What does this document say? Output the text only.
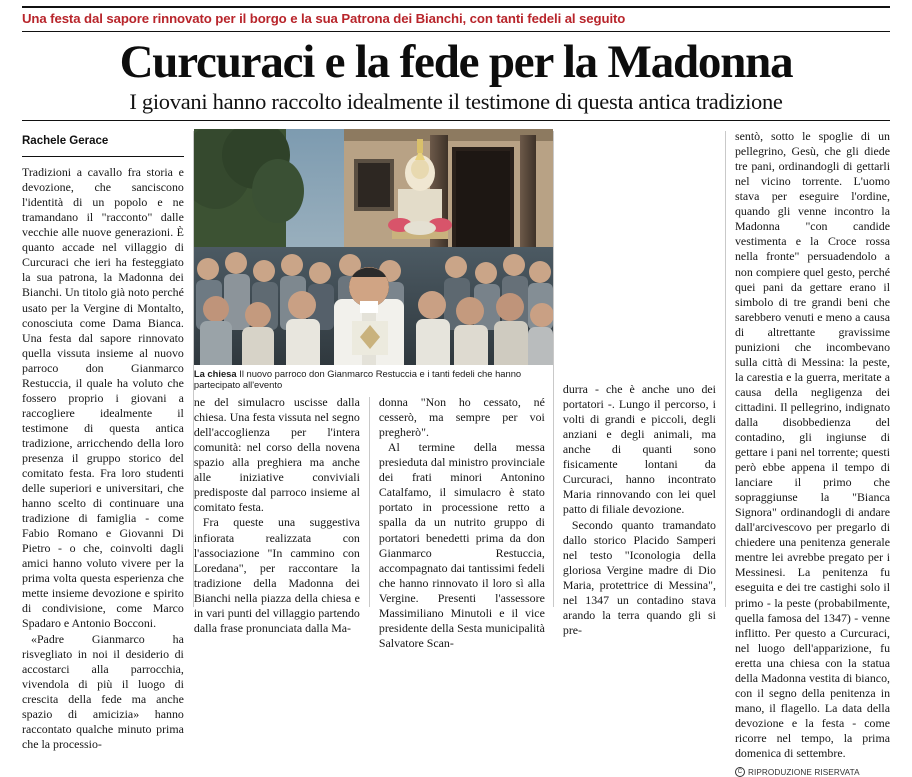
Una festa dal sapore rinnovato per il borgo e la sua Patrona dei Bianchi, con tanti fedeli al seguito
Curcuraci e la fede per la Madonna
I giovani hanno raccolto idealmente il testimone di questa antica tradizione
Rachele Gerace

Tradizioni a cavallo fra storia e devozione, che sanciscono l'identità di un popolo e ne tramandano il "racconto" dalle vecchie alle nuove generazioni. È quanto accade nel villaggio di Curcuraci che ieri ha festeggiato la sua patrona, la Madonna dei Bianchi. Un titolo già noto perché usato per la Vergine di Montalto, conosciuta come Dama Bianca. Una festa dal sapore rinnovato quella vissuta insieme al nuovo parroco don Gianmarco Restuccia, il quale ha voluto che fossero proprio i giovani a raccogliere idealmente il testimone di questa antica tradizione, arricchendo della loro presenza il gruppo storico del comitato festa. Fra loro studenti delle superiori e universitari, che hanno scelto di continuare una tradizione di famiglia - come Fabio Romano e Giovanni Di Pietro - o che, coinvolti dagli amici hanno voluto vivere per la prima volta questa esperienza che mette insieme devozione e spirito di condivisione, come Marco Spadaro e Antonio Bocconi.

«Padre Gianmarco ha risvegliato in noi il desiderio di accostarci alla parrocchia, vivendola di più il luogo di crescita della fede ma anche spazio di amicizia» hanno raccontato qualche minuto prima che la processio-

La chiesa Il nuovo parroco don Gianmarco Restuccia e i tanti fedeli che hanno partecipato all'evento

ne del simulacro uscisse dalla chiesa. Una festa vissuta nel segno dell'accoglienza per l'intera comunità: nel corso della novena spazio alla preghiera ma anche alle iniziative conviviali predisposte dal parroco insieme al comitato festa.

Fra queste una suggestiva infiorata realizzata con l'associazione "In cammino con Loredana", per raccontare la tradizione della Madonna dei Bianchi nella piazza della chiesa e in vari punti del villaggio partendo dalla frase pronunciata dalla Ma-

donna "Non ho cessato, né cesserò, ma sempre per voi pregherò".

Al termine della messa presieduta dal ministro provinciale dei frati minori Antonino Catalfamo, il simulacro è stato portato in processione retto a spalla da un nutrito gruppo di portatori benedetti prima da don Gianmarco Restuccia, accompagnato dai tantissimi fedeli che hanno rinnovato il loro sì alla Vergine. Presenti l'assessore Massimiliano Minutoli e il vice presidente della Sesta municipalità Salvatore Scan-

durra - che è anche uno dei portatori -. Lungo il percorso, i volti di grandi e piccoli, degli anziani e degli animali, ma anche di quanti sono fisicamente lontani da Curcuraci, hanno incontrato Maria rinnovando con lei quel patto di filiale devozione.

Secondo quanto tramandato dallo storico Placido Samperi nel testo "Iconologia della gloriosa Vergine madre di Dio Maria, protettrice di Messina", nel 1347 un contadino stava arando la terra quando gli si pre-

sentò, sotto le spoglie di un pellegrino, Gesù, che gli diede tre pani, ordinandogli di gettarli nel vicino torrente. L'uomo stava per eseguire l'ordine, quando gli venne incontro la Madonna "con candide vestimenta e la Croce rossa nella fronte" persuadendolo a non compiere quel gesto, perché quei pani da gettare erano il simbolo di tre grandi beni che sarebbero venuti e meno a causa di altrettante gravissime punizioni che incombevano sulla città di Messina: la peste, la carestia e la guerra, meritate a causa della negligenza dei cittadini. Il pellegrino, indignato dalla disobbedienza del contadino, gli ingiunse di gettare i pani nel torrente; questi però ebbe appena il tempo di lanciare il primo che sopraggiunse la "Bianca Signora" ordinandogli di andare dall'arcivescovo per pregarlo di chiedere una penitenza generale mentre lei avrebbe pregato per i Messinesi. La penitenza fu eseguita e dei tre castighi solo il primo - la peste (probabilmente, quella famosa del 1347) - venne inflitto. Per questo a Curcuraci, nel luogo dell'apparizione, fu eretta una chiesa con la statua della Madonna vestita di bianco, con il segno della penitenza in mano, il flagello. La data della devozione e la festa - come ricorre nel tempo, la prima domenica di settembre.

C RIPRODUZIONE RISERVATA
